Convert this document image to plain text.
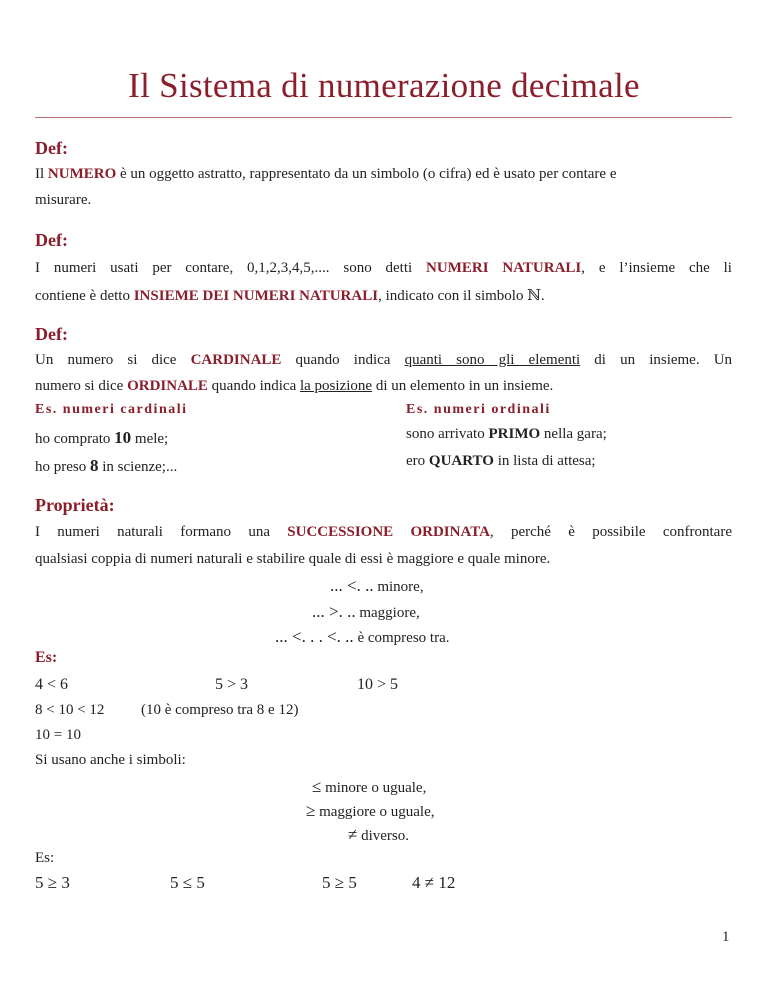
Il Sistema di numerazione decimale
Def:
Il NUMERO è un oggetto astratto, rappresentato da un simbolo (o cifra) ed è usato per contare e
misurare.
Def:
I numeri usati per contare, 0,1,2,3,4,5,.... sono detti NUMERI NATURALI, e l’insieme che li
contiene è detto INSIEME DEI NUMERI NATURALI, indicato con il simbolo ℕ.
Def:
Un numero si dice CARDINALE quando indica quanti sono gli elementi di un insieme. Un
numero si dice ORDINALE quando indica la posizione di un elemento in un insieme.
Es. numeri cardinali	Es. numeri ordinali
ho comprato 10 mele;	sono arrivato PRIMO nella gara;
ho preso 8 in scienze;...	ero QUARTO in lista di attesa;
Proprietà:
I numeri naturali formano una SUCCESSIONE ORDINATA, perché è possibile confrontare
qualsiasi coppia di numeri naturali e stabilire quale di essi è maggiore e quale minore.
... <. .. minore,
... >. .. maggiore,
... <. . . <. .. è compreso tra.
Es:
4 < 6	5 > 3	10 > 5
8 < 10 < 12 (10 è compreso tra 8 e 12)
10 = 10
Si usano anche i simboli:
≤ minore o uguale,
≥ maggiore o uguale,
≠ diverso.
Es:
5 ≥ 3	5 ≤ 5	5 ≥ 5	4 ≠ 12
1
